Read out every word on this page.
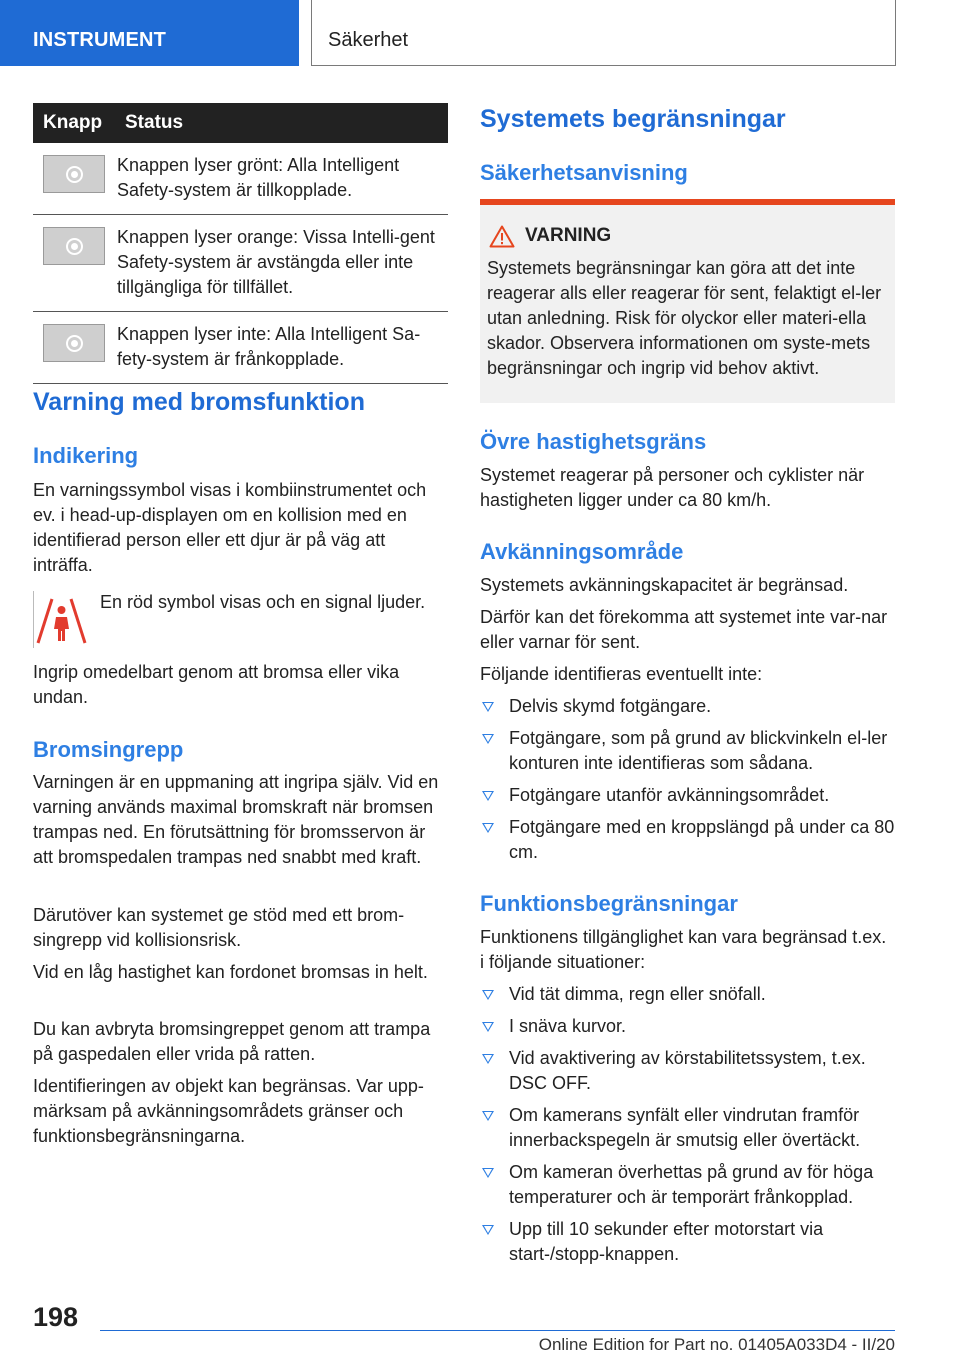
INSTRUMENT	Säkerhet
Knapp	Status

	Knappen lyser grönt: Alla Intelligent Safety-system är tillkopplade.

	Knappen lyser orange: Vissa Intelli-gent Safety-system är avstängda eller inte tillgängliga för tillfället.

	Knappen lyser inte: Alla Intelligent Sa-fety-system är frånkopplade.
Varning med bromsfunktion
Indikering
En varningssymbol visas i kombiinstrumentet och ev. i head-up-displayen om en kollision med en identifierad person eller ett djur är på väg att inträffa.
En röd symbol visas och en signal ljuder.
Ingrip omedelbart genom att bromsa eller vika undan.
Bromsingrepp
Varningen är en uppmaning att ingripa själv. Vid en varning används maximal bromskraft när bromsen trampas ned. En förutsättning för bromsservon är att bromspedalen trampas ned snabbt med kraft.
Därutöver kan systemet ge stöd med ett brom-singrepp vid kollisionsrisk.
Vid en låg hastighet kan fordonet bromsas in helt.
Du kan avbryta bromsingreppet genom att trampa på gaspedalen eller vrida på ratten.
Identifieringen av objekt kan begränsas. Var upp-märksam på avkänningsområdets gränser och funktionsbegränsningarna.
Systemets begränsningar
Säkerhetsanvisning
VARNING
Systemets begränsningar kan göra att det inte reagerar alls eller reagerar för sent, felaktigt el-ler utan anledning. Risk för olyckor eller materi-ella skador. Observera informationen om syste-mets begränsningar och ingrip vid behov aktivt.
Övre hastighetsgräns
Systemet reagerar på personer och cyklister när hastigheten ligger under ca 80 km/h.
Avkänningsområde
Systemets avkänningskapacitet är begränsad.
Därför kan det förekomma att systemet inte var-nar eller varnar för sent.
Följande identifieras eventuellt inte:
Delvis skymd fotgängare.
Fotgängare, som på grund av blickvinkeln el-ler konturen inte identifieras som sådana.
Fotgängare utanför avkänningsområdet.
Fotgängare med en kroppslängd på under ca 80 cm.
Funktionsbegränsningar
Funktionens tillgänglighet kan vara begränsad t.ex. i följande situationer:
Vid tät dimma, regn eller snöfall.
I snäva kurvor.
Vid avaktivering av körstabilitetssystem, t.ex. DSC OFF.
Om kamerans synfält eller vindrutan framför innerbackspegeln är smutsig eller övertäckt.
Om kameran överhettas på grund av för höga temperaturer och är temporärt frånkopplad.
Upp till 10 sekunder efter motorstart via start-/stopp-knappen.
198
Online Edition for Part no. 01405A033D4 - II/20
